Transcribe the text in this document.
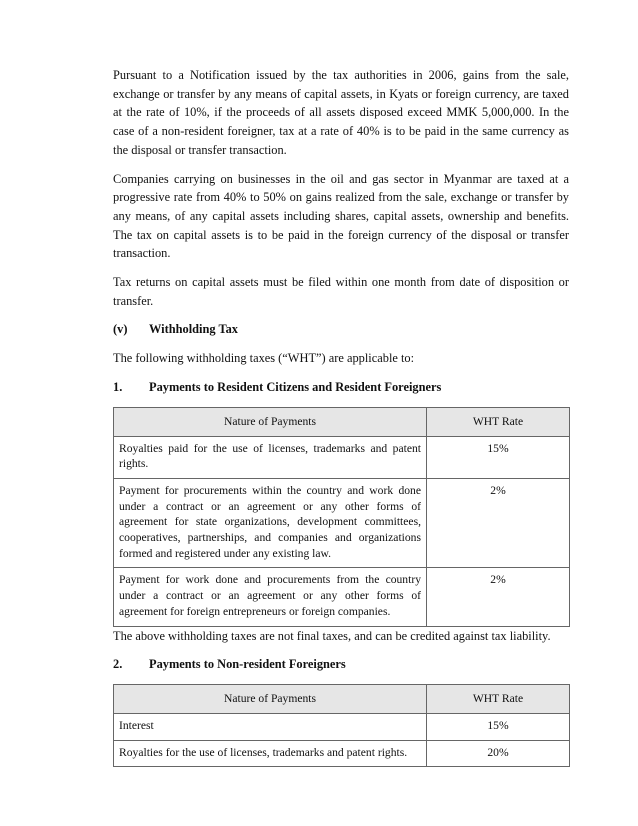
Pursuant to a Notification issued by the tax authorities in 2006, gains from the sale, exchange or transfer by any means of capital assets, in Kyats or foreign currency, are taxed at the rate of 10%, if the proceeds of all assets disposed exceed MMK 5,000,000. In the case of a non-resident foreigner, tax at a rate of 40% is to be paid in the same currency as the disposal or transfer transaction.

Companies carrying on businesses in the oil and gas sector in Myanmar are taxed at a progressive rate from 40% to 50% on gains realized from the sale, exchange or transfer by any means, of any capital assets including shares, capital assets, ownership and benefits. The tax on capital assets is to be paid in the foreign currency of the disposal or transfer transaction.

Tax returns on capital assets must be filed within one month from date of disposition or transfer.

(v)	Withholding Tax

The following withholding taxes (“WHT”) are applicable to:

1.	Payments to Resident Citizens and Resident Foreigners
Nature of Payments	WHT Rate
Royalties paid for the use of licenses, trademarks and patent rights.	15%
Payment for procurements within the country and work done under a contract or an agreement or any other forms of agreement for state organizations, development committees, cooperatives, partnerships, and companies and organizations formed and registered under any existing law.	2%
Payment for work done and procurements from the country under a contract or an agreement or any other forms of agreement for foreign entrepreneurs or foreign companies.	2%

The above withholding taxes are not final taxes, and can be credited against tax liability.

2.	Payments to Non-resident Foreigners
Nature of Payments	WHT Rate
Interest	15%
Royalties for the use of licenses, trademarks and patent rights.	20%
